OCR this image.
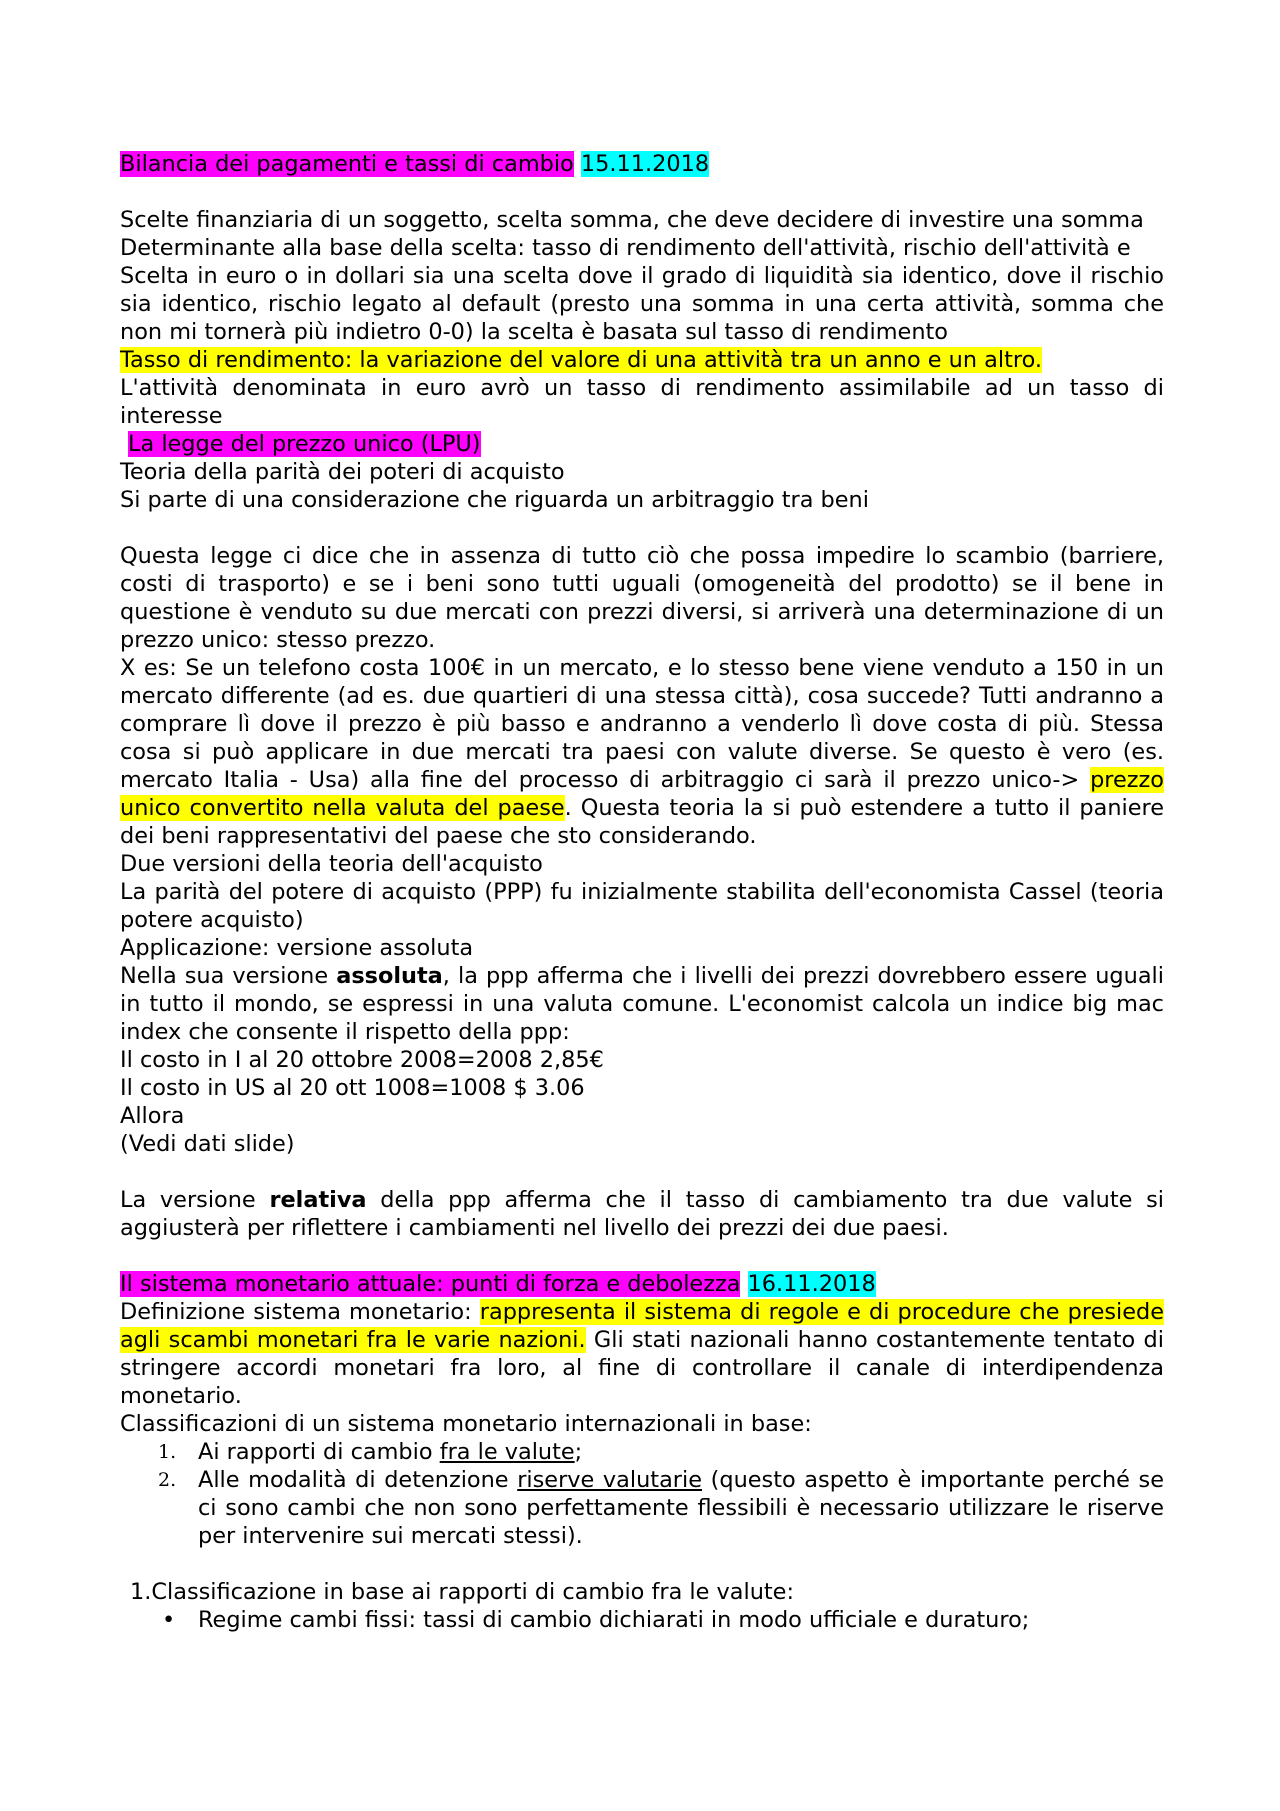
Bilancia dei pagamenti e tassi di cambio 15.11.2018

Scelte finanziaria di un soggetto, scelta somma, che deve decidere di investire una somma

Determinante alla base della scelta: tasso di rendimento dell'attività, rischio dell'attività e

Scelta in euro o in dollari sia una scelta dove il grado di liquidità sia identico, dove il rischio sia identico, rischio legato al default (presto una somma in una certa attività, somma che non mi tornerà più indietro 0-0) la scelta è basata sul tasso di rendimento

Tasso di rendimento: la variazione del valore di una attività tra un anno e un altro.

L'attività denominata in euro avrò un tasso di rendimento assimilabile ad un tasso di interesse

La legge del prezzo unico (LPU)

Teoria della parità dei poteri di acquisto

Si parte di una considerazione che riguarda un arbitraggio tra beni

Questa legge ci dice che in assenza di tutto ciò che possa impedire lo scambio (barriere, costi di trasporto) e se i beni sono tutti uguali (omogeneità del prodotto) se il bene in questione è venduto su due mercati con prezzi diversi, si arriverà una determinazione di un prezzo unico: stesso prezzo.

X es: Se un telefono costa 100€ in un mercato, e lo stesso bene viene venduto a 150 in un mercato differente (ad es. due quartieri di una stessa città), cosa succede? Tutti andranno a comprare lì dove il prezzo è più basso e andranno a venderlo lì dove costa di più. Stessa cosa si può applicare in due mercati tra paesi con valute diverse. Se questo è vero (es. mercato Italia - Usa) alla fine del processo di arbitraggio ci sarà il prezzo unico-> prezzo unico convertito nella valuta del paese. Questa teoria la si può estendere a tutto il paniere dei beni rappresentativi del paese che sto considerando.

Due versioni della teoria dell'acquisto

La parità del potere di acquisto (PPP) fu inizialmente stabilita dell'economista Cassel (teoria potere acquisto)

Applicazione: versione assoluta

Nella sua versione assoluta, la ppp afferma che i livelli dei prezzi dovrebbero essere uguali in tutto il mondo, se espressi in una valuta comune. L'economist calcola un indice big mac index che consente il rispetto della ppp:

Il costo in I al 20 ottobre 2008=2008 2,85€

Il costo in US al 20 ott 1008=1008 $ 3.06

Allora

(Vedi dati slide)

La versione relativa della ppp afferma che il tasso di cambiamento tra due valute si aggiusterà per riflettere i cambiamenti nel livello dei prezzi dei due paesi.

Il sistema monetario attuale: punti di forza e debolezza 16.11.2018

Definizione sistema monetario: rappresenta il sistema di regole e di procedure che presiede agli scambi monetari fra le varie nazioni. Gli stati nazionali hanno costantemente tentato di stringere accordi monetari fra loro, al fine di controllare il canale di interdipendenza monetario.

Classificazioni di un sistema monetario internazionali in base:

1. Ai rapporti di cambio fra le valute;
2. Alle modalità di detenzione riserve valutarie (questo aspetto è importante perché se ci sono cambi che non sono perfettamente flessibili è necessario utilizzare le riserve per intervenire sui mercati stessi).

1.Classificazione in base ai rapporti di cambio fra le valute:

• Regime cambi fissi: tassi di cambio dichiarati in modo ufficiale e duraturo;
